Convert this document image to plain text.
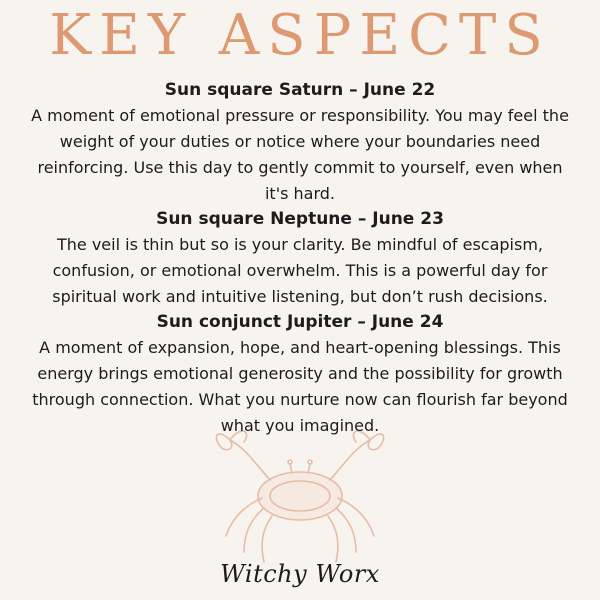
KEY ASPECTS

Sun square Saturn – June 22

A moment of emotional pressure or responsibility. You may feel the weight of your duties or notice where your boundaries need reinforcing. Use this day to gently commit to yourself, even when it's hard.

Sun square Neptune – June 23

The veil is thin but so is your clarity. Be mindful of escapism, confusion, or emotional overwhelm. This is a powerful day for spiritual work and intuitive listening, but don’t rush decisions.

Sun conjunct Jupiter – June 24

A moment of expansion, hope, and heart-opening blessings. This energy brings emotional generosity and the possibility for growth through connection. What you nurture now can flourish far beyond what you imagined.

Witchy Worx
